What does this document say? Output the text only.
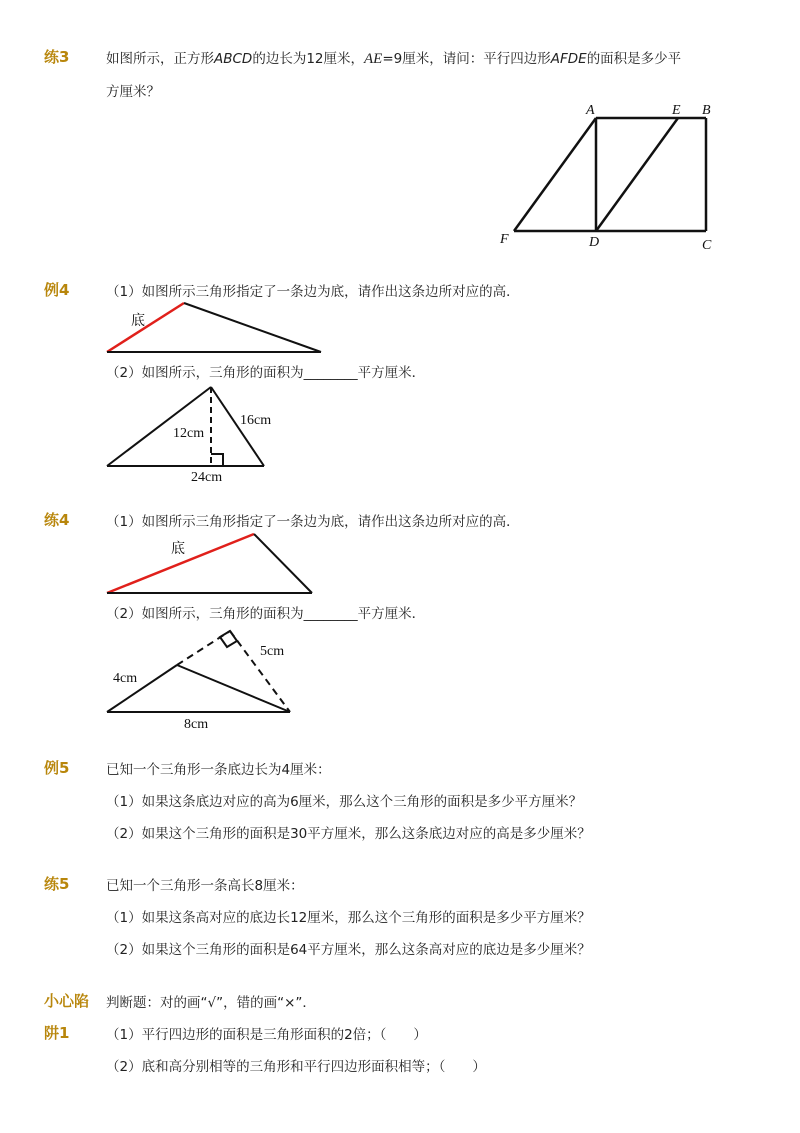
练3	如图所示，正方形ABCD的边长为12厘米，AE=9厘米，请问：平行四边形AFDE的面积是多少平
方厘米？
A	E B
F	D	C
例4	（1）如图所示三角形指定了一条边为底，请作出这条边所对应的高．
底
（2）如图所示，三角形的面积为________平方厘米．
12cm
16cm
24cm
练4	（1）如图所示三角形指定了一条边为底，请作出这条边所对应的高．
底
（2）如图所示，三角形的面积为________平方厘米．
4cm
5cm
8cm
例5	已知一个三角形一条底边长为4厘米：
（1）如果这条底边对应的高为6厘米，那么这个三角形的面积是多少平方厘米？
（2）如果这个三角形的面积是30平方厘米，那么这条底边对应的高是多少厘米？
练5	已知一个三角形一条高长8厘米：
（1）如果这条高对应的底边长12厘米，那么这个三角形的面积是多少平方厘米？
（2）如果这个三角形的面积是64平方厘米，那么这条高对应的底边是多少厘米？
小心陷 判断题：对的画“√”，错的画“×”．
阱1	（1）平行四边形的面积是三角形面积的2倍；（　　）
（2）底和高分别相等的三角形和平行四边形面积相等；（　　）
